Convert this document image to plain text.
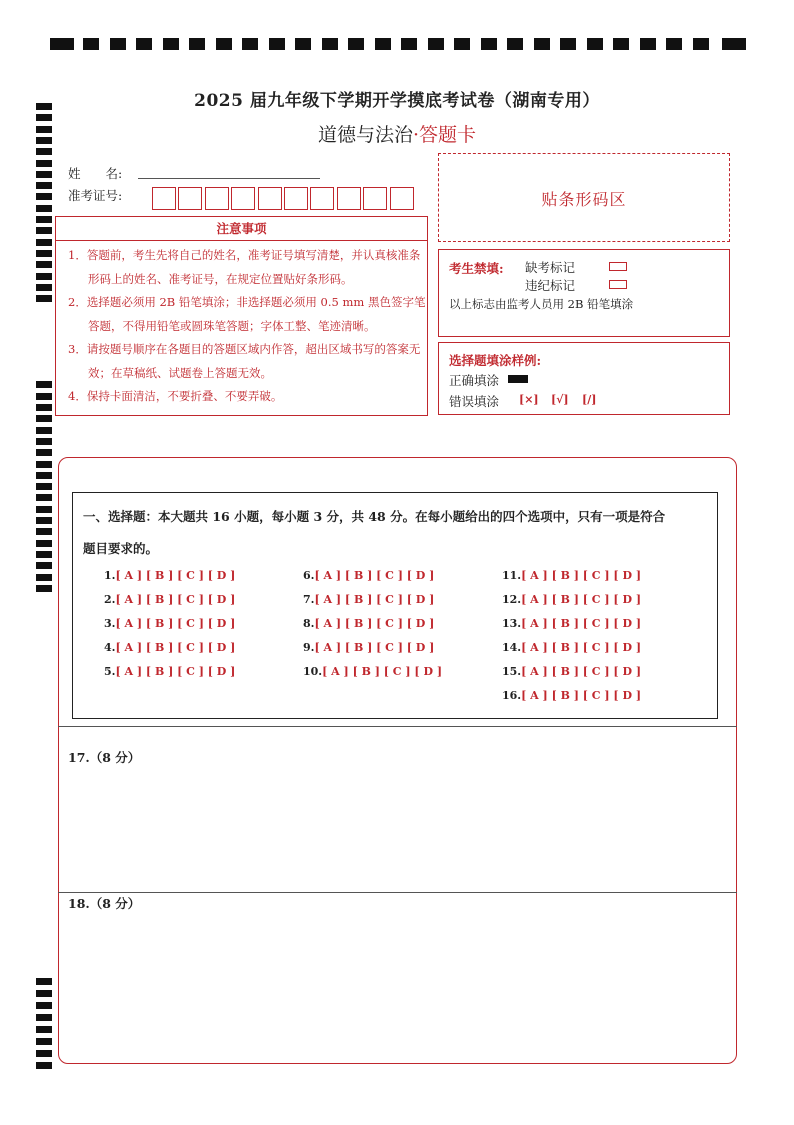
2025 届九年级下学期开学摸底考试卷（湖南专用）
道德与法治·答题卡
姓　　名:
准考证号:	贴条形码区
注意事项
1．答题前，考生先将自己的姓名，准考证号填写清楚，并认真核准条形码上的姓名、准考证号，在规定位置贴好条形码。
2．选择题必须用 2B 铅笔填涂；非选择题必须用 0.5 mm 黑色签字笔答题，不得用铅笔或圆珠笔答题；字体工整、笔迹清晰。
3．请按题号顺序在各题目的答题区域内作答，超出区域书写的答案无效；在草稿纸、试题卷上答题无效。
4．保持卡面清洁，不要折叠、不要弄破。
考生禁填: 缺考标记
违纪标记
以上标志由监考人员用 2B 铅笔填涂
选择题填涂样例:
正确填涂
错误填涂 [×] [√] [/]
一、选择题：本大题共 16 小题，每小题 3 分，共 48 分。在每小题给出的四个选项中，只有一项是符合
题目要求的。
1.[ A ] [ B ] [ C ] [ D ]
2.[ A ] [ B ] [ C ] [ D ]
3.[ A ] [ B ] [ C ] [ D ]
4.[ A ] [ B ] [ C ] [ D ]
5.[ A ] [ B ] [ C ] [ D ]
6.[ A ] [ B ] [ C ] [ D ]
7.[ A ] [ B ] [ C ] [ D ]
8.[ A ] [ B ] [ C ] [ D ]
9.[ A ] [ B ] [ C ] [ D ]
10.[ A ] [ B ] [ C ] [ D ]
11.[ A ] [ B ] [ C ] [ D ]
12.[ A ] [ B ] [ C ] [ D ]
13.[ A ] [ B ] [ C ] [ D ]
14.[ A ] [ B ] [ C ] [ D ]
15.[ A ] [ B ] [ C ] [ D ]
16.[ A ] [ B ] [ C ] [ D ]
17.（8 分）
18.（8 分）
